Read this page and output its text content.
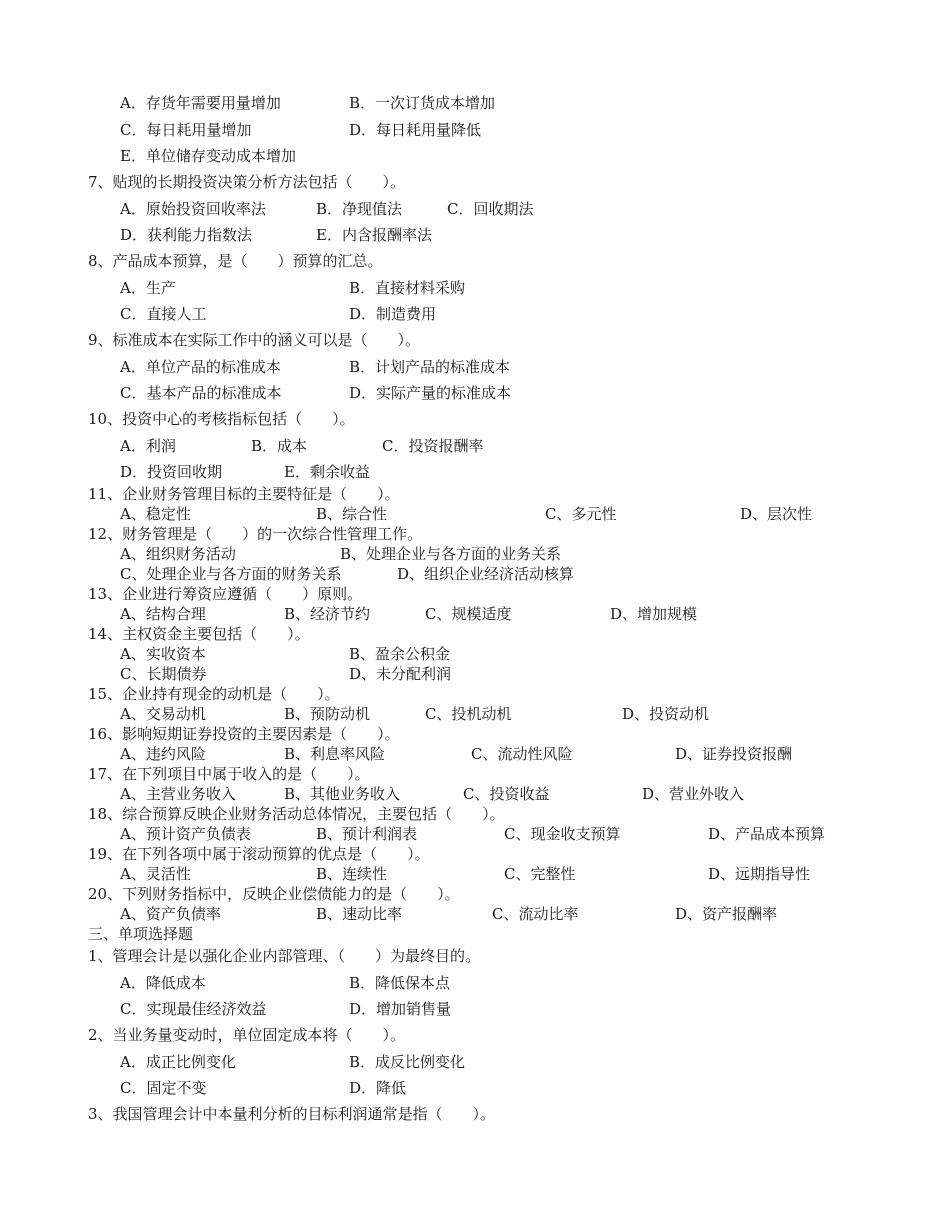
A．存货年需要用量增加	B．一次订货成本增加
C．每日耗用量增加	D．每日耗用量降低
E．单位储存变动成本增加
7、贴现的长期投资决策分析方法包括（　　）。
A．原始投资回收率法	B．净现值法	C．回收期法
D．获利能力指数法	E．内含报酬率法
8、产品成本预算，是（　　）预算的汇总。
A．生产	B．直接材料采购
C．直接人工	D．制造费用
9、标准成本在实际工作中的涵义可以是（　　）。
A．单位产品的标准成本	B．计划产品的标准成本
C．基本产品的标准成本	D．实际产量的标准成本
10、投资中心的考核指标包括（　　）。
A．利润	B．成本	C．投资报酬率
D．投资回收期	E．剩余收益
11、企业财务管理目标的主要特征是（　　）。
A、稳定性	B、综合性	C、多元性	D、层次性
12、财务管理是（　　）的一次综合性管理工作。
A、组织财务活动	B、处理企业与各方面的业务关系
C、处理企业与各方面的财务关系	D、组织企业经济活动核算
13、企业进行筹资应遵循（　　）原则。
A、结构合理	B、经济节约	C、规模适度	D、增加规模
14、主权资金主要包括（　　）。
A、实收资本	B、盈余公积金
C、长期债券	D、未分配利润
15、企业持有现金的动机是（　　）。
A、交易动机	B、预防动机	C、投机动机	D、投资动机
16、影响短期证券投资的主要因素是（　　）。
A、违约风险	B、利息率风险	C、流动性风险	D、证券投资报酬
17、在下列项目中属于收入的是（　　）。
A、主营业务收入	B、其他业务收入	C、投资收益	D、营业外收入
18、综合预算反映企业财务活动总体情况，主要包括（　　）。
A、预计资产负债表	B、预计利润表	C、现金收支预算	D、产品成本预算
19、在下列各项中属于滚动预算的优点是（　　）。
A、灵活性	B、连续性	C、完整性	D、远期指导性
20、下列财务指标中，反映企业偿债能力的是（　　）。
A、资产负债率	B、速动比率	C、流动比率	D、资产报酬率
三、单项选择题
1、管理会计是以强化企业内部管理、（　　）为最终目的。
A．降低成本	B．降低保本点
C．实现最佳经济效益	D．增加销售量
2、当业务量变动时，单位固定成本将（　　）。
A．成正比例变化	B．成反比例变化
C．固定不变	D．降低
3、我国管理会计中本量利分析的目标利润通常是指（　　）。
